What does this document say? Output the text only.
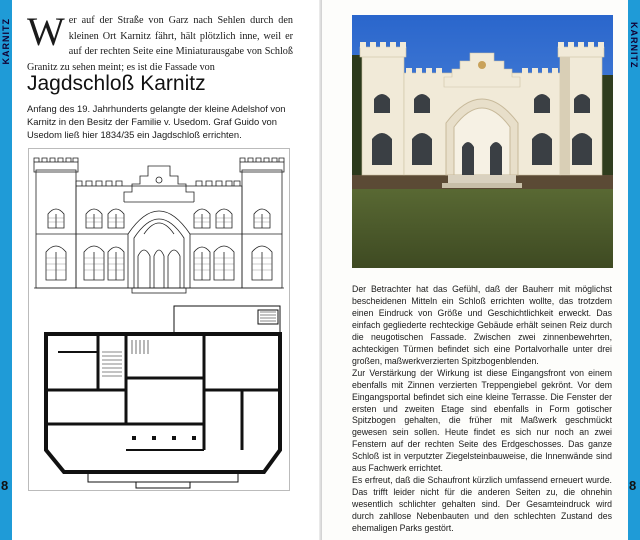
KARNITZ
8
W er auf der Straße von Garz nach Sehlen durch den kleinen Ort Karnitz fährt, hält plötzlich inne, weil er auf der rechten Seite eine Miniaturausgabe von Schloß Granitz zu sehen meint; es ist die Fassade von
Jagdschloß Karnitz
Anfang des 19. Jahrhunderts gelangte der kleine Adelshof von Karnitz in den Besitz der Familie v. Usedom. Graf Guido von Usedom ließ hier 1834/35 ein Jagdschloß errichten.
KARNITZ
8

Der Betrachter hat das Gefühl, daß der Bauherr mit möglichst bescheidenen Mitteln ein Schloß errichten wollte, das trotzdem einen Eindruck von Größe und Geschichtlichkeit erweckt. Das einfach gegliederte rechteckige Gebäude erhält seinen Reiz durch die neugotischen Fassade. Zwischen zwei zinnenbewehrten, achteckigen Türmen befindet sich eine Portalvorhalle unter drei großen, maßwerkverzierten Spitzbogenblenden.

Zur Verstärkung der Wirkung ist diese Eingangsfront von einem ebenfalls mit Zinnen verzierten Treppengiebel gekrönt. Vor dem Eingangsportal befindet sich eine kleine Terrasse. Die Fenster der ersten und zweiten Etage sind ebenfalls in Form gotischer Spitzbogen gehalten, die früher mit Maßwerk geschmückt gewesen sein sollen. Heute findet es sich nur noch an zwei Fenstern auf der rechten Seite des Erdgeschosses. Das ganze Schloß ist in verputzter Ziegelsteinbauweise, die Innenwände sind aus Fachwerk errichtet.

Es erfreut, daß die Schaufront kürzlich umfassend erneuert wurde. Das trifft leider nicht für die anderen Seiten zu, die ohnehin wesentlich schlichter gehalten sind. Der Gesamteindruck wird durch zahllose Nebenbauten und den schlechten Zustand des ehemaligen Parks gestört.
